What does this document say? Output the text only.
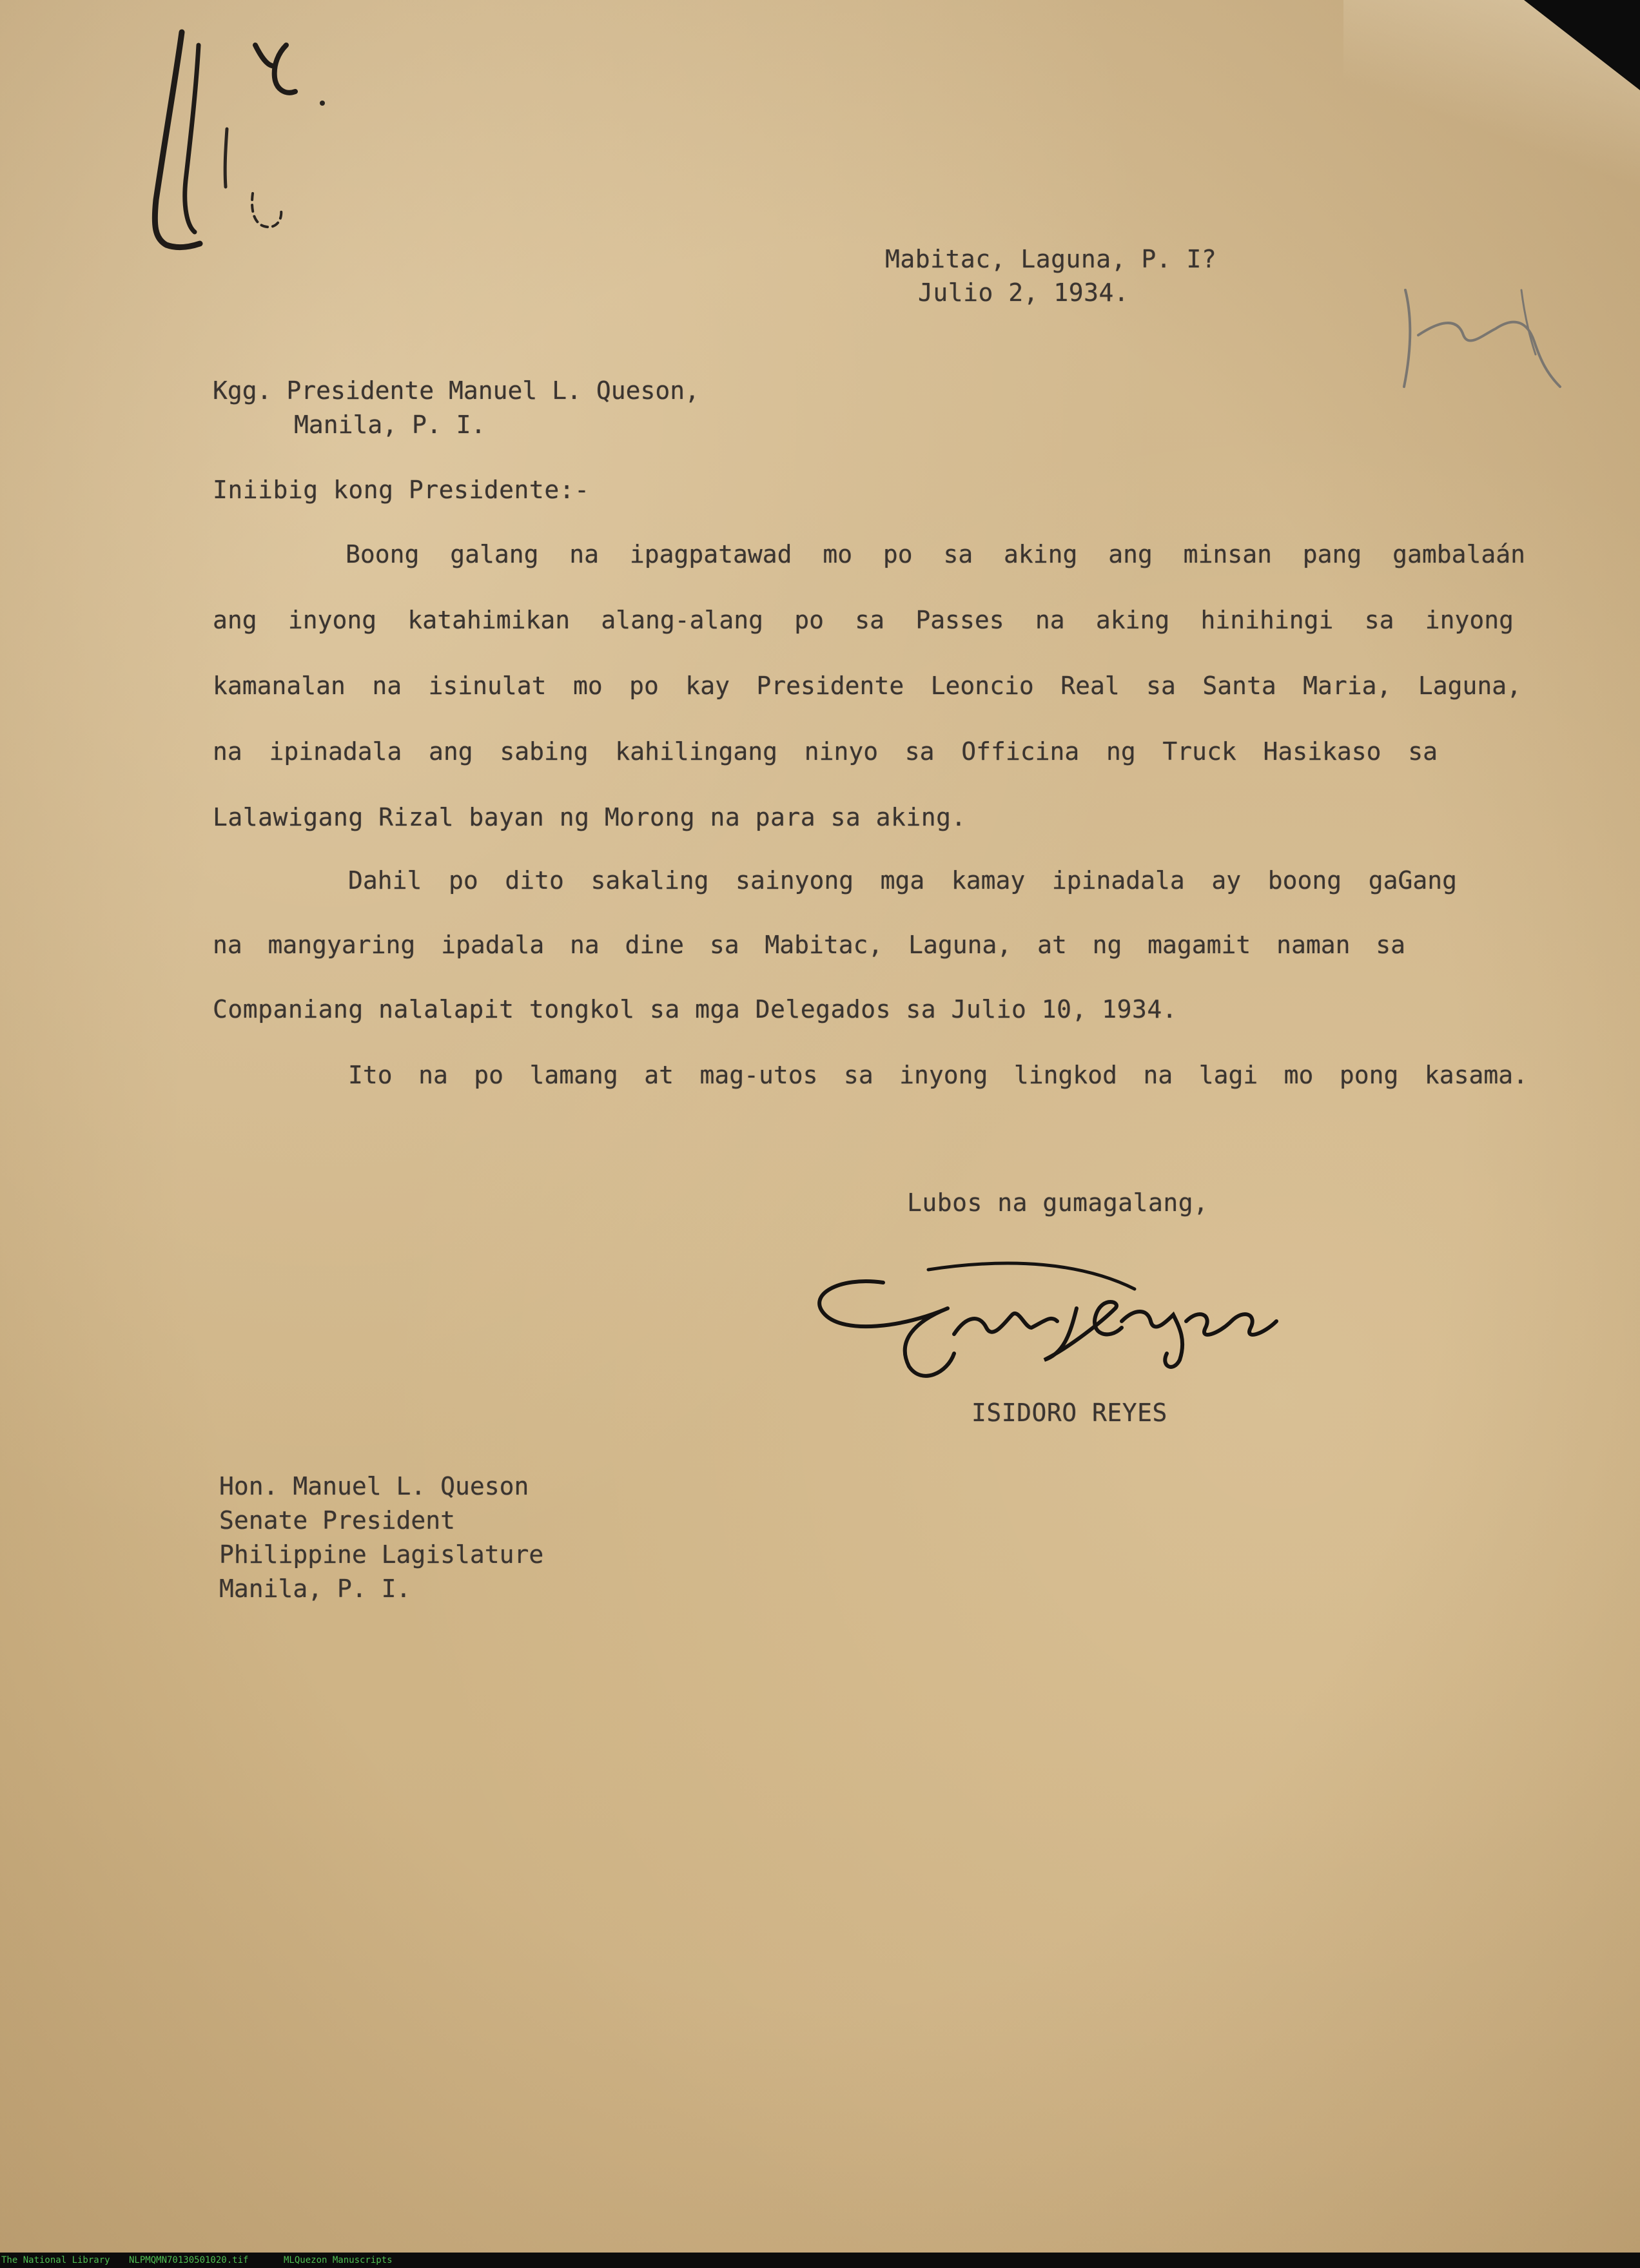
Mabitac, Laguna, P. I?

Julio 2, 1934.

Kgg. Presidente Manuel L. Queson,
Manila, P. I.

Iniibig kong Presidente:-

Boong galang na ipagpatawad mo po sa aking ang minsan pang gambalaán

ang inyong katahimikan alang-alang po sa Passes na aking hinihingi sa inyong

kamanalan na isinulat mo po kay Presidente Leoncio Real sa Santa Maria, Laguna,

na ipinadala ang sabing kahilingang ninyo sa Officina ng Truck Hasikaso sa

Lalawigang Rizal bayan ng Morong na para sa aking.

Dahil po dito sakaling sainyong mga kamay ipinadala ay boong gaGang

na mangyaring ipadala na dine sa Mabitac, Laguna, at ng magamit naman sa

Companiang nalalapit tongkol sa mga Delegados sa Julio 10, 1934.

Ito na po lamang at mag-utos sa inyong lingkod na lagi mo pong kasama.

Lubos na gumagalang,

ISIDORO REYES

Hon. Manuel L. Queson
Senate President
Philippine Lagislature
Manila, P. I.
The National Library NLPMQMN70130501020.tif	MLQuezon Manuscripts
